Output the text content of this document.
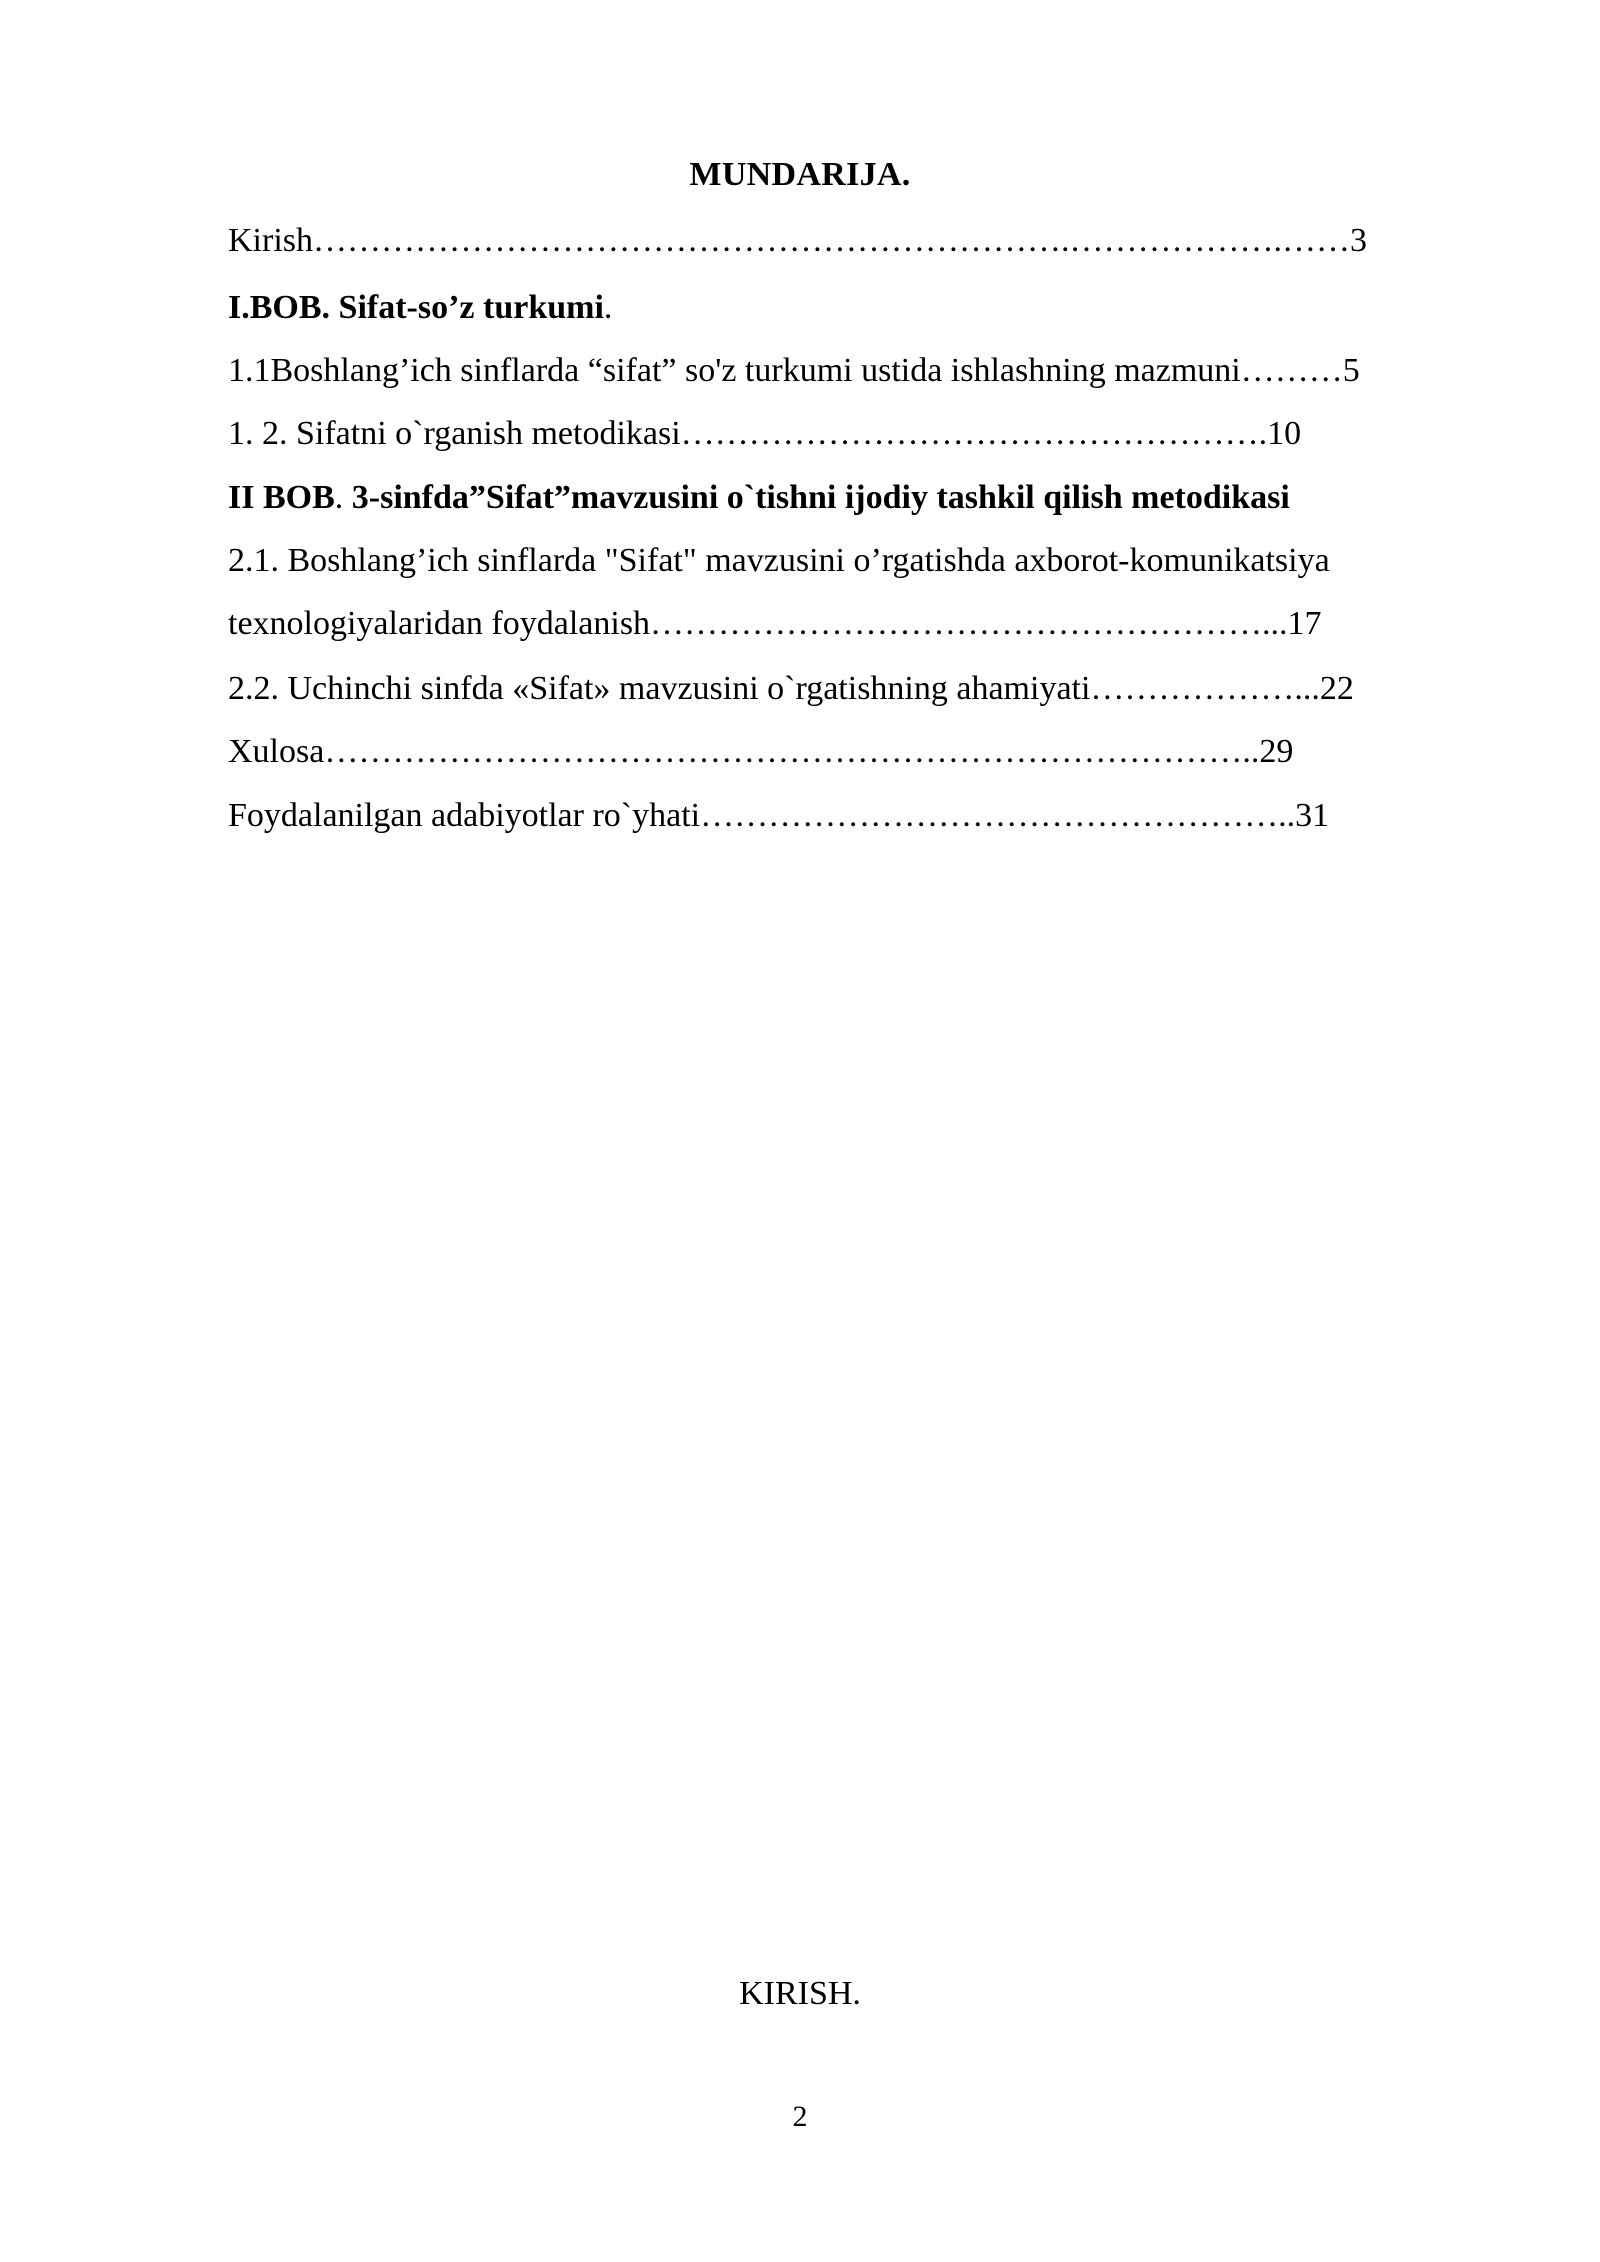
MUNDARIJA.
Kirish………………………………………………………….……………….……3
I.BOB. Sifat-so’z turkumi.
1.1Boshlang’ich sinflarda “sifat” so'z turkumi ustida ishlashning mazmuni………5
1. 2. Sifatni o`rganish metodikasi…………………………………………….10
II BOB. 3-sinfda”Sifat”mavzusini o`tishni ijodiy tashkil qilish metodikasi
2.1. Boshlang’ich sinflarda "Sifat" mavzusini o’rgatishda axborot-komunikatsiya
texnologiyalaridan foydalanish………………………………………………...17
2.2. Uchinchi sinfda «Sifat» mavzusini o`rgatishning ahamiyati………………...22
Xulosa………………………………………………………………………..29
Foydalanilgan adabiyotlar ro`yhati……………………………………………..31
KIRISH.
2
